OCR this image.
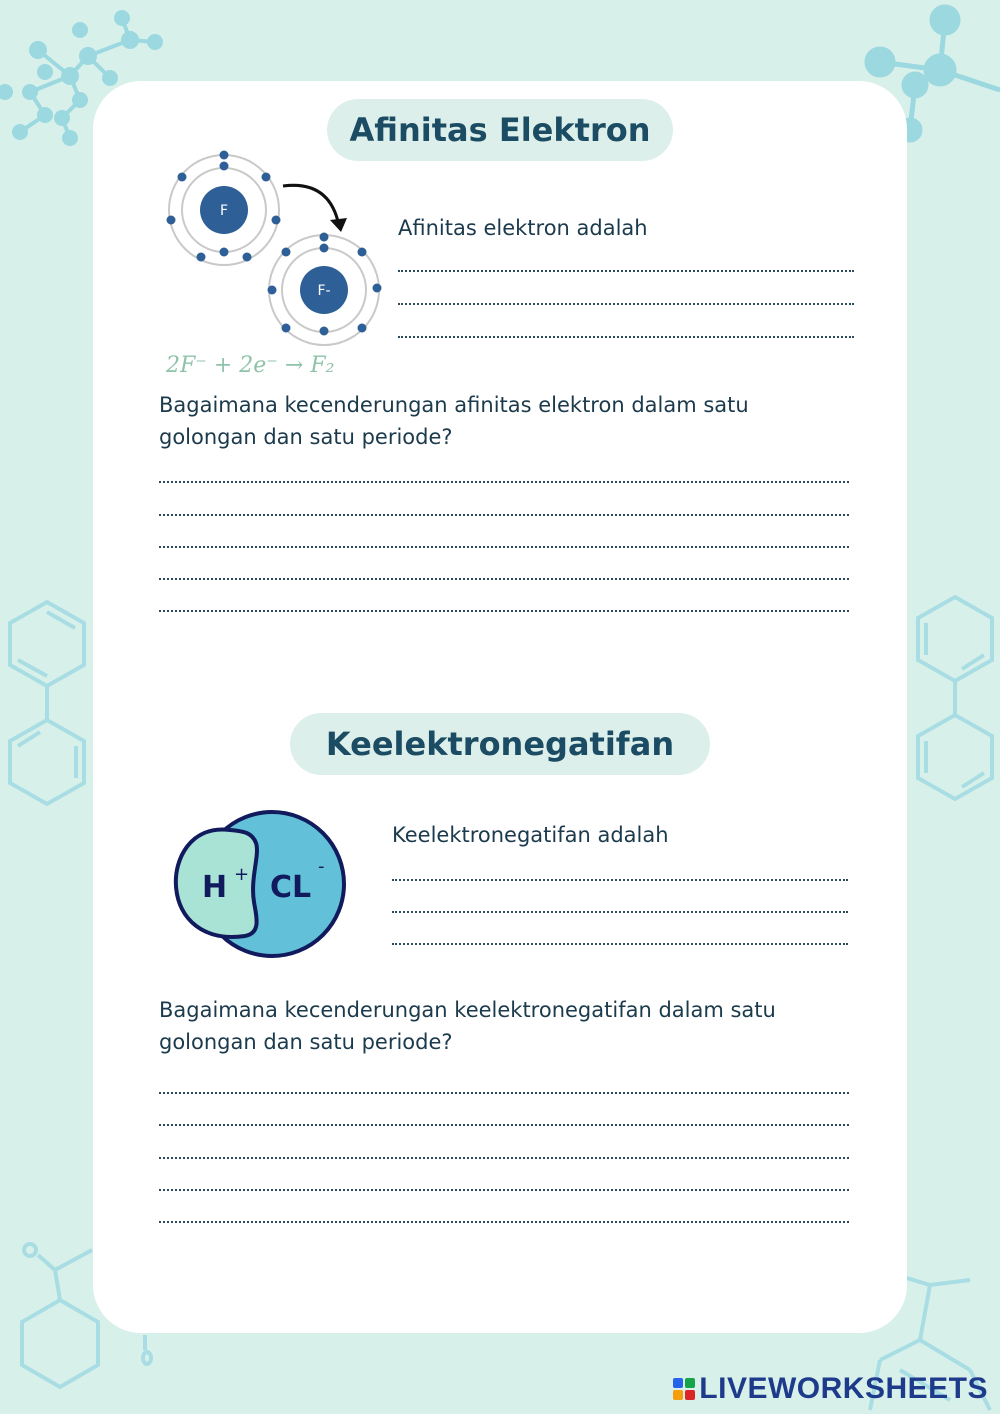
Afinitas Elektron
F
F-
2F⁻ + 2e⁻ → F₂
Afinitas elektron adalah
Bagaimana kecenderungan afinitas elektron dalam satu golongan dan satu periode?
Keelektronegatifan
H + CL
-
Keelektronegatifan adalah
Bagaimana kecenderungan keelektronegatifan dalam satu golongan dan satu periode?
LIVEWORKSHEETS
